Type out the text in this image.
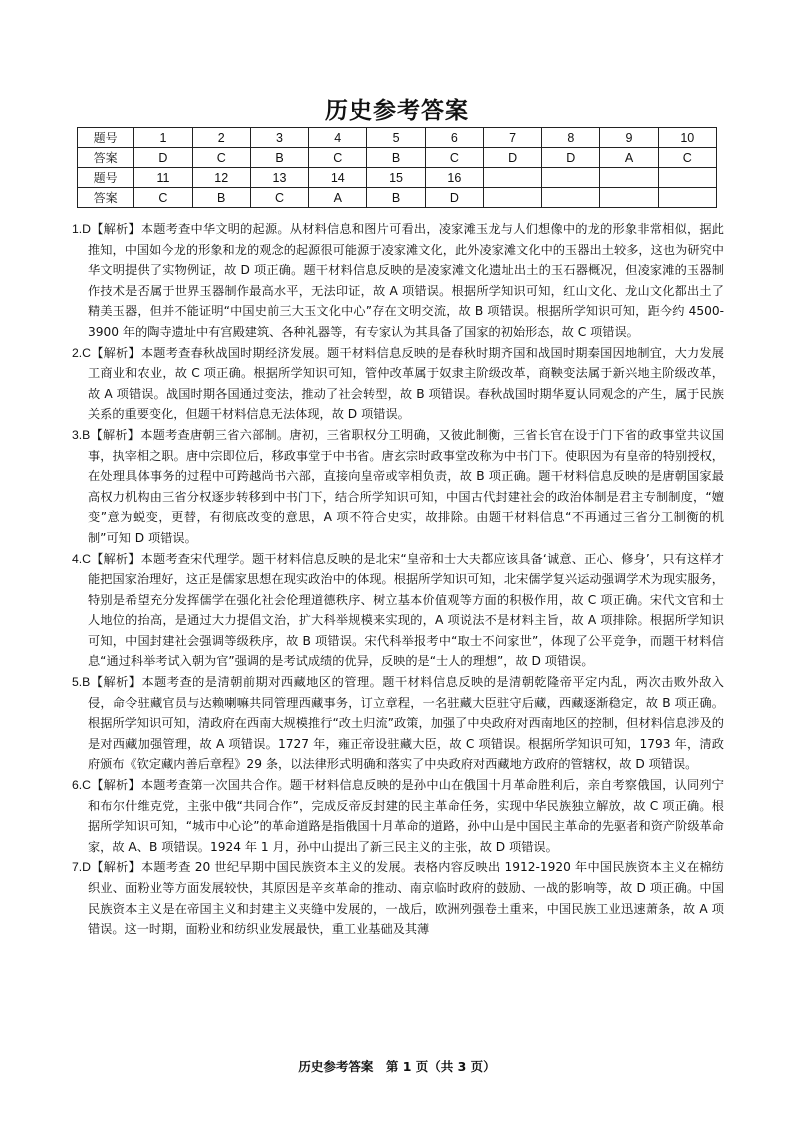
历史参考答案
题号	1	2	3	4	5	6	7	8	9	10
答案	D	C	B	C	B	C	D	D	A	C
题号	11	12	13	14	15	16				
答案	C	B	C	A	B	D				

1.D【解析】本题考查中华文明的起源。从材料信息和图片可看出，凌家滩玉龙与人们想像中的龙的形象非常相似，据此推知，中国如今龙的形象和龙的观念的起源很可能源于凌家滩文化，此外凌家滩文化中的玉器出土较多，这也为研究中华文明提供了实物例证，故 D 项正确。题干材料信息反映的是凌家滩文化遗址出土的玉石器概况，但凌家滩的玉器制作技术是否属于世界玉器制作最高水平，无法印证，故 A 项错误。根据所学知识可知，红山文化、龙山文化都出土了精美玉器，但并不能证明“中国史前三大玉文化中心”存在文明交流，故 B 项错误。根据所学知识可知，距今约 4500-3900 年的陶寺遗址中有宫殿建筑、各种礼器等，有专家认为其具备了国家的初始形态，故 C 项错误。

2.C【解析】本题考查春秋战国时期经济发展。题干材料信息反映的是春秋时期齐国和战国时期秦国因地制宜，大力发展工商业和农业，故 C 项正确。根据所学知识可知，管仲改革属于奴隶主阶级改革，商鞅变法属于新兴地主阶级改革，故 A 项错误。战国时期各国通过变法，推动了社会转型，故 B 项错误。春秋战国时期华夏认同观念的产生，属于民族关系的重要变化，但题干材料信息无法体现，故 D 项错误。

3.B【解析】本题考查唐朝三省六部制。唐初，三省职权分工明确，又彼此制衡，三省长官在设于门下省的政事堂共议国事，执宰相之职。唐中宗即位后，移政事堂于中书省。唐玄宗时政事堂改称为中书门下。使职因为有皇帝的特别授权，在处理具体事务的过程中可跨越尚书六部，直接向皇帝或宰相负责，故 B 项正确。题干材料信息反映的是唐朝国家最高权力机构由三省分权逐步转移到中书门下，结合所学知识可知，中国古代封建社会的政治体制是君主专制制度，“嬗变”意为蜕变，更替，有彻底改变的意思，A 项不符合史实，故排除。由题干材料信息“不再通过三省分工制衡的机制”可知 D 项错误。

4.C【解析】本题考查宋代理学。题干材料信息反映的是北宋“皇帝和士大夫都应该具备‘诚意、正心、修身’，只有这样才能把国家治理好，这正是儒家思想在现实政治中的体现。根据所学知识可知，北宋儒学复兴运动强调学术为现实服务，特别是希望充分发挥儒学在强化社会伦理道德秩序、树立基本价值观等方面的积极作用，故 C 项正确。宋代文官和士人地位的抬高，是通过大力提倡文治，扩大科举规模来实现的，A 项说法不是材料主旨，故 A 项排除。根据所学知识可知，中国封建社会强调等级秩序，故 B 项错误。宋代科举报考中“取士不问家世”，体现了公平竞争，而题干材料信息“通过科举考试入朝为官”强调的是考试成绩的优异，反映的是“士人的理想”，故 D 项错误。

5.B【解析】本题考查的是清朝前期对西藏地区的管理。题干材料信息反映的是清朝乾隆帝平定内乱，两次击败外敌入侵，命令驻藏官员与达赖喇嘛共同管理西藏事务，订立章程，一名驻藏大臣驻守后藏，西藏逐渐稳定，故 B 项正确。根据所学知识可知，清政府在西南大规模推行“改土归流”政策，加强了中央政府对西南地区的控制，但材料信息涉及的是对西藏加强管理，故 A 项错误。1727 年，雍正帝设驻藏大臣，故 C 项错误。根据所学知识可知，1793 年，清政府颁布《钦定藏内善后章程》29 条，以法律形式明确和落实了中央政府对西藏地方政府的管辖权，故 D 项错误。

6.C【解析】本题考查第一次国共合作。题干材料信息反映的是孙中山在俄国十月革命胜利后，亲自考察俄国，认同列宁和布尔什维克党，主张中俄“共同合作”，完成反帝反封建的民主革命任务，实现中华民族独立解放，故 C 项正确。根据所学知识可知，“城市中心论”的革命道路是指俄国十月革命的道路，孙中山是中国民主革命的先驱者和资产阶级革命家，故 A、B 项错误。1924 年 1 月，孙中山提出了新三民主义的主张，故 D 项错误。

7.D【解析】本题考查 20 世纪早期中国民族资本主义的发展。表格内容反映出 1912-1920 年中国民族资本主义在棉纺织业、面粉业等方面发展较快，其原因是辛亥革命的推动、南京临时政府的鼓励、一战的影响等，故 D 项正确。中国民族资本主义是在帝国主义和封建主义夹缝中发展的，一战后，欧洲列强卷土重来，中国民族工业迅速萧条，故 A 项错误。这一时期，面粉业和纺织业发展最快，重工业基础及其薄

历史参考答案　第 1 页（共 3 页）
